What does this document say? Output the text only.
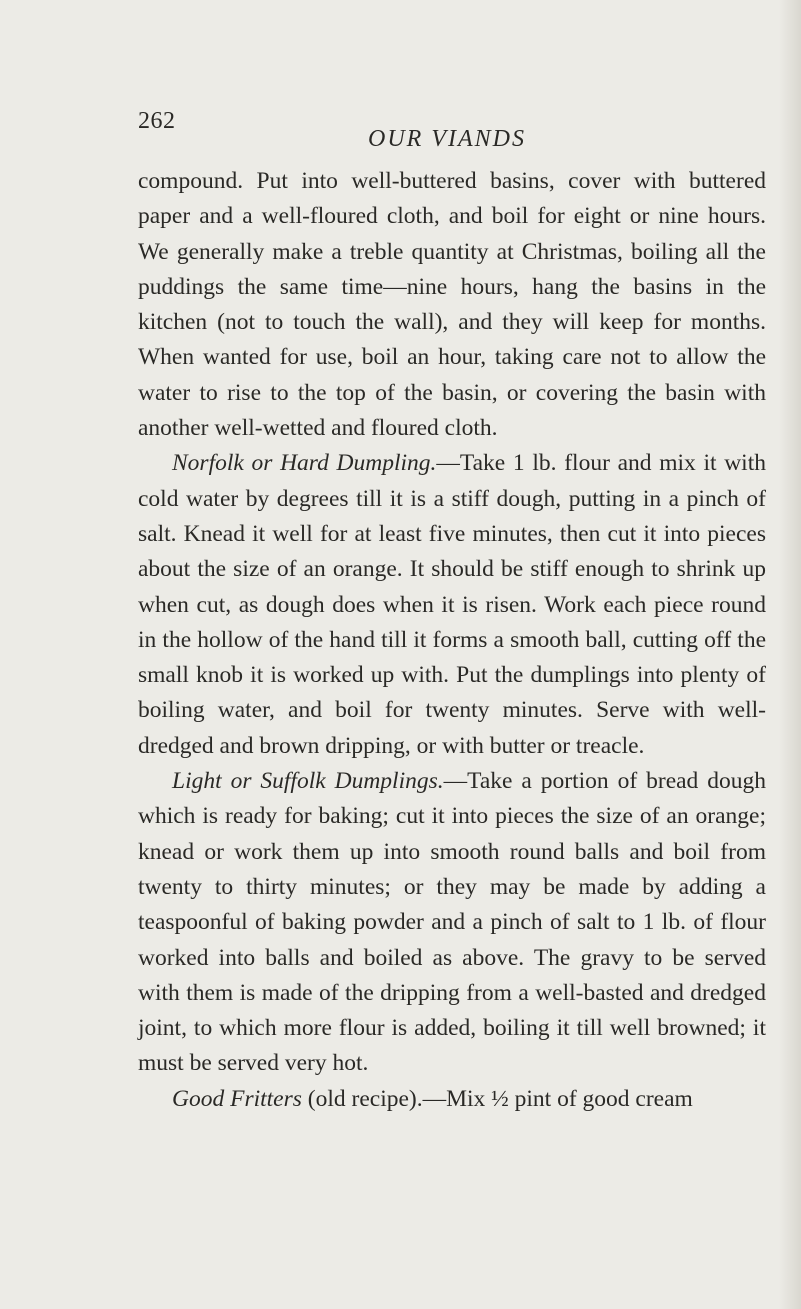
262
OUR VIANDS

compound. Put into well-buttered basins, cover with buttered paper and a well-floured cloth, and boil for eight or nine hours. We generally make a treble quantity at Christmas, boiling all the puddings the same time—nine hours, hang the basins in the kitchen (not to touch the wall), and they will keep for months. When wanted for use, boil an hour, taking care not to allow the water to rise to the top of the basin, or covering the basin with another well-wetted and floured cloth.

Norfolk or Hard Dumpling.—Take 1 lb. flour and mix it with cold water by degrees till it is a stiff dough, putting in a pinch of salt. Knead it well for at least five minutes, then cut it into pieces about the size of an orange. It should be stiff enough to shrink up when cut, as dough does when it is risen. Work each piece round in the hollow of the hand till it forms a smooth ball, cutting off the small knob it is worked up with. Put the dumplings into plenty of boiling water, and boil for twenty minutes. Serve with well-dredged and brown dripping, or with butter or treacle.

Light or Suffolk Dumplings.—Take a portion of bread dough which is ready for baking; cut it into pieces the size of an orange; knead or work them up into smooth round balls and boil from twenty to thirty minutes; or they may be made by adding a teaspoonful of baking powder and a pinch of salt to 1 lb. of flour worked into balls and boiled as above. The gravy to be served with them is made of the dripping from a well-basted and dredged joint, to which more flour is added, boiling it till well browned; it must be served very hot.

Good Fritters (old recipe).—Mix ½ pint of good cream
